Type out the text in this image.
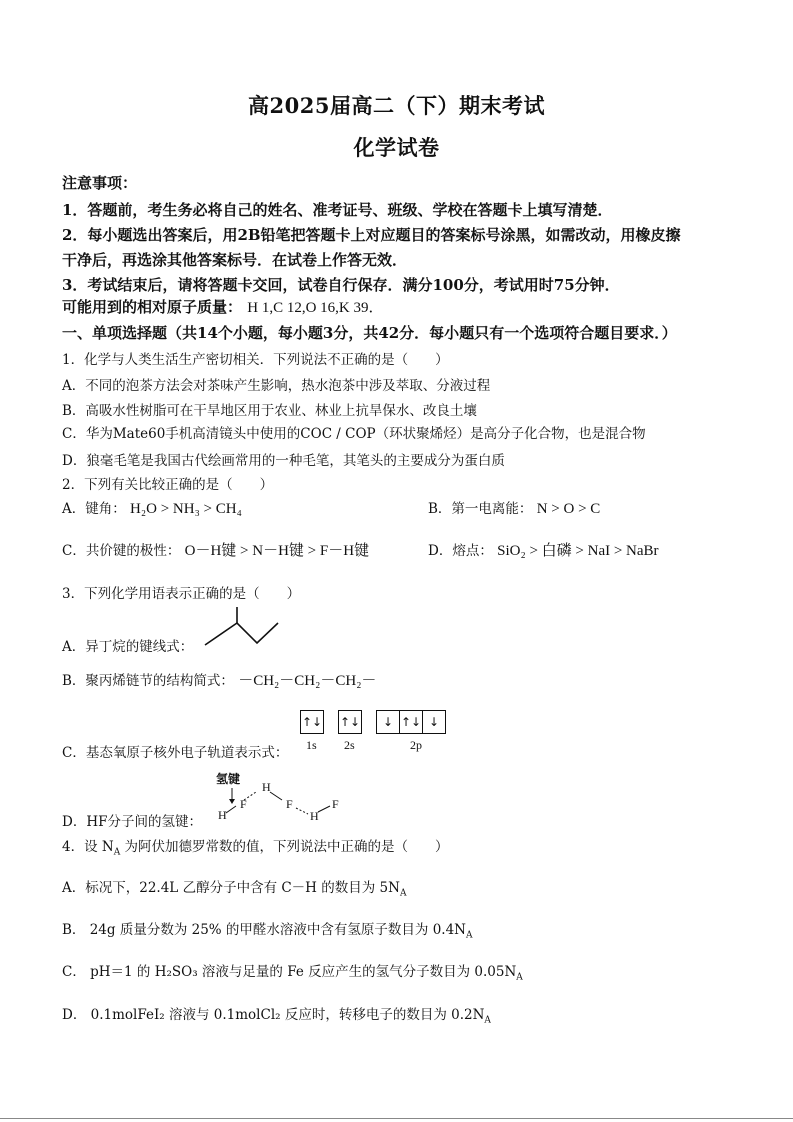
高2025届高二（下）期末考试
化学试卷
注意事项：
1．答题前，考生务必将自己的姓名、准考证号、班级、学校在答题卡上填写清楚．
2．每小题选出答案后，用2B铅笔把答题卡上对应题目的答案标号涂黑，如需改动，用橡皮擦
干净后，再选涂其他答案标号．在试卷上作答无效．
3．考试结束后，请将答题卡交回，试卷自行保存．满分100分，考试用时75分钟．
可能用到的相对原子质量： H 1,C 12,O 16,K 39．
一、单项选择题（共14个小题，每小题3分，共42分．每小题只有一个选项符合题目要求．）
1．化学与人类生活生产密切相关．下列说法不正确的是（　　）
A．不同的泡茶方法会对茶味产生影响，热水泡茶中涉及萃取、分液过程
B．高吸水性树脂可在干旱地区用于农业、林业上抗旱保水、改良土壤
C．华为Mate60手机高清镜头中使用的COC / COP（环状聚烯烃）是高分子化合物，也是混合物
D．狼毫毛笔是我国古代绘画常用的一种毛笔，其笔头的主要成分为蛋白质
2．下列有关比较正确的是（　　）
A．键角： H₂O > NH₃ > CH₄	B．第一电离能： N > O > C
C．共价键的极性： O－H键 > N－H键 > F－H键	D．熔点： SiO₂ > 白磷 > NaI > NaBr
3．下列化学用语表示正确的是（　　）
A．异丁烷的键线式：
B．聚丙烯链节的结构简式： －CH₂－CH₂－CH₂－
C．基态氧原子核外电子轨道表示式：
↑↓ ↑↓	↓ ↑↓ ↓
1s 2s	2p
D．HF分子间的氢键：
氢键
H
F
H
F
H
F
4．设 $N_A$ 为阿伏加德罗常数的值，下列说法中正确的是（　　）
A．标况下，22.4L 乙醇分子中含有 C－H 的数目为 $5N_A$
B． 24g 质量分数为 25% 的甲醛水溶液中含有氢原子数目为 $0.4N_A$
C． pH＝1 的 H₂SO₃ 溶液与足量的 Fe 反应产生的氢气分子数目为 $0.05N_A$
D． 0.1molFeI₂ 溶液与 0.1molCl₂ 反应时，转移电子的数目为 $0.2N_A$
